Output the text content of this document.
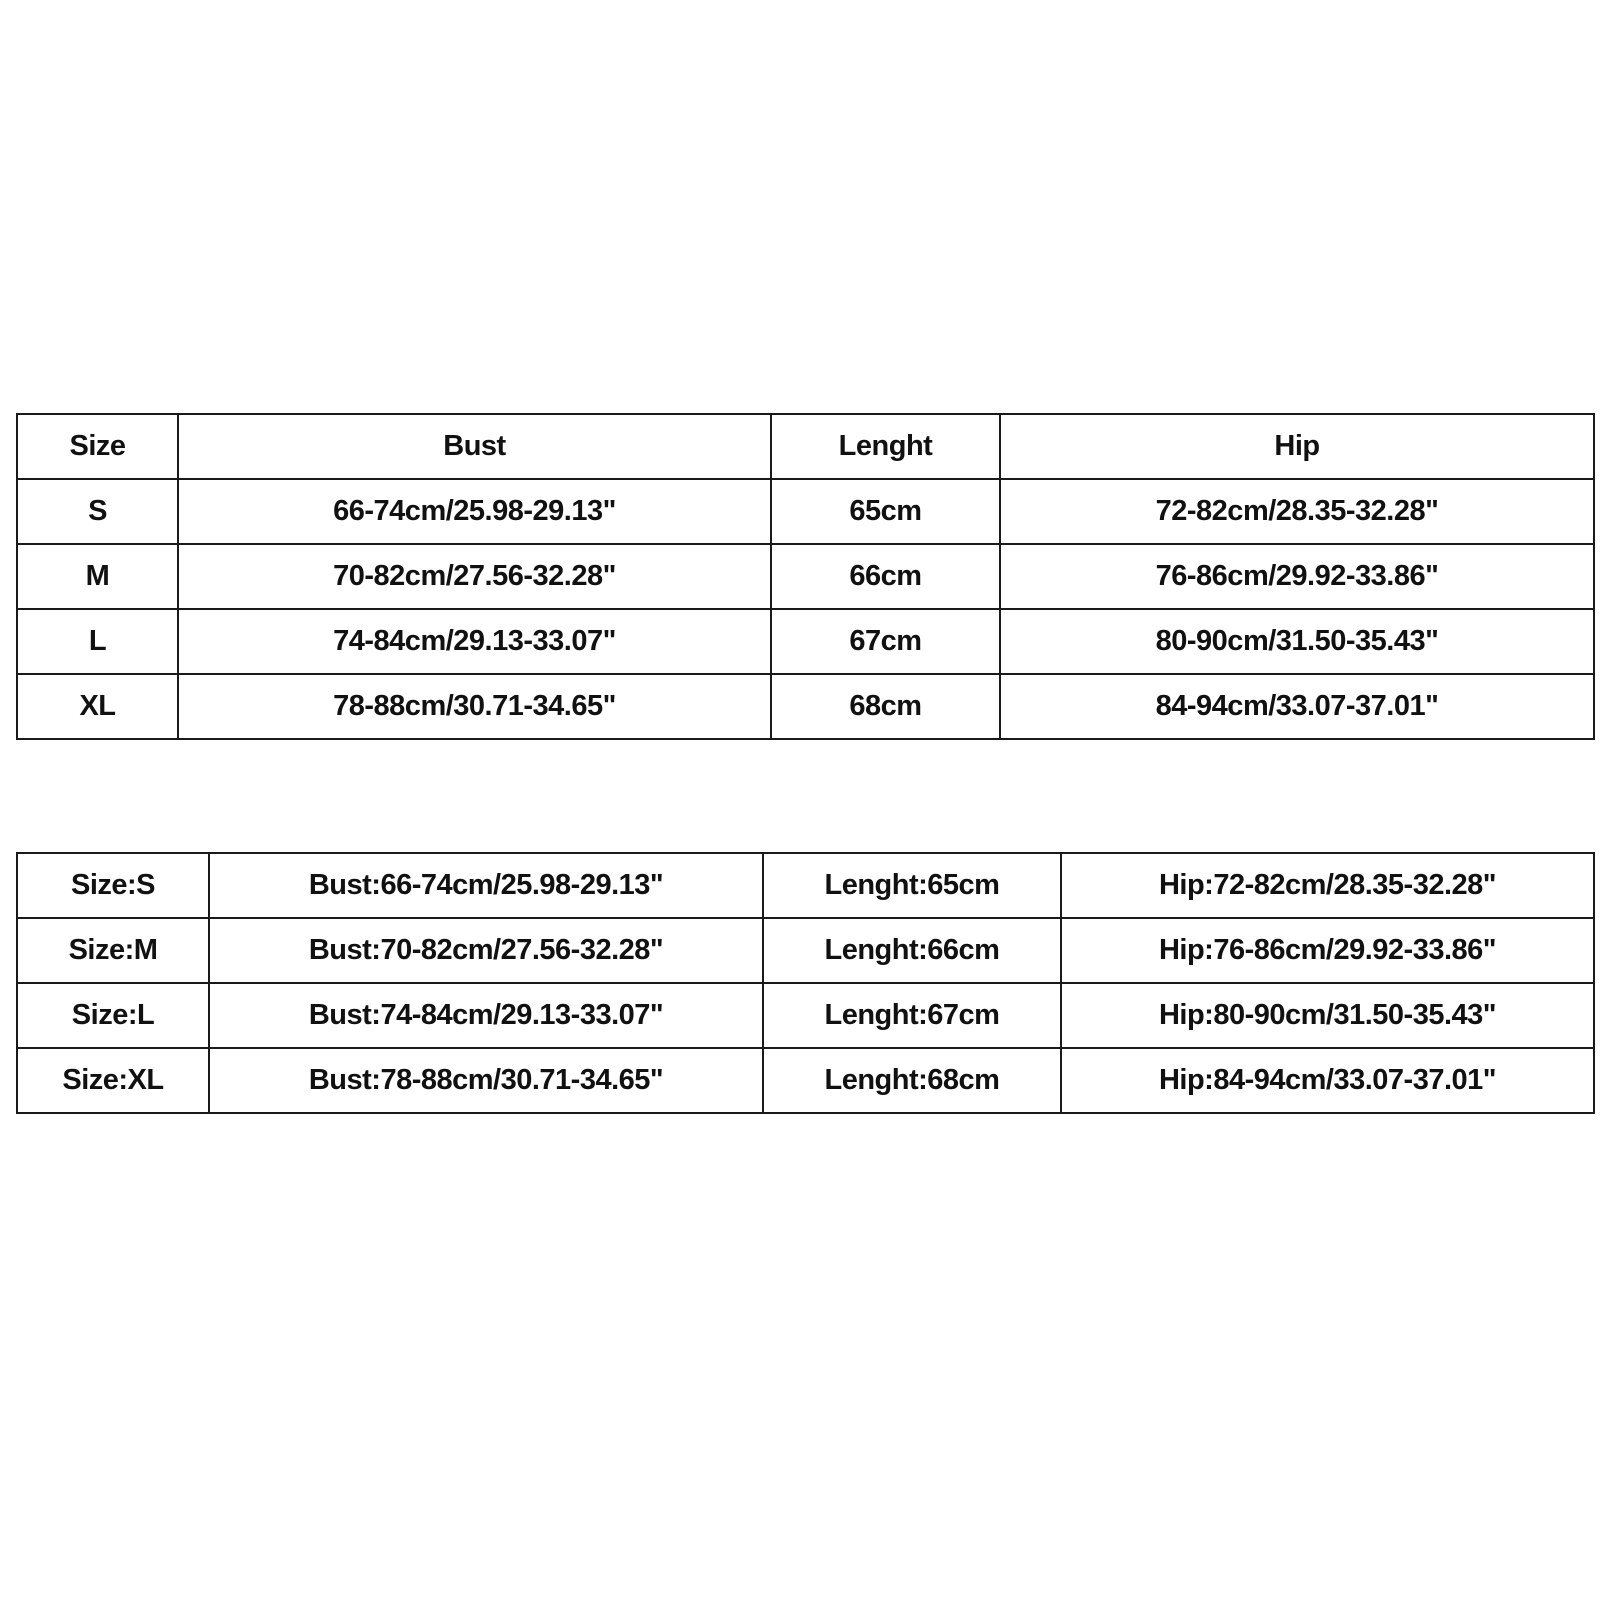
Size	Bust	Lenght	Hip
S	66-74cm/25.98-29.13"	65cm	72-82cm/28.35-32.28"
M	70-82cm/27.56-32.28"	66cm	76-86cm/29.92-33.86"
L	74-84cm/29.13-33.07"	67cm	80-90cm/31.50-35.43"
XL	78-88cm/30.71-34.65"	68cm	84-94cm/33.07-37.01"
Size:S	Bust:66-74cm/25.98-29.13"	Lenght:65cm	Hip:72-82cm/28.35-32.28"
Size:M	Bust:70-82cm/27.56-32.28"	Lenght:66cm	Hip:76-86cm/29.92-33.86"
Size:L	Bust:74-84cm/29.13-33.07"	Lenght:67cm	Hip:80-90cm/31.50-35.43"
Size:XL	Bust:78-88cm/30.71-34.65"	Lenght:68cm	Hip:84-94cm/33.07-37.01"
